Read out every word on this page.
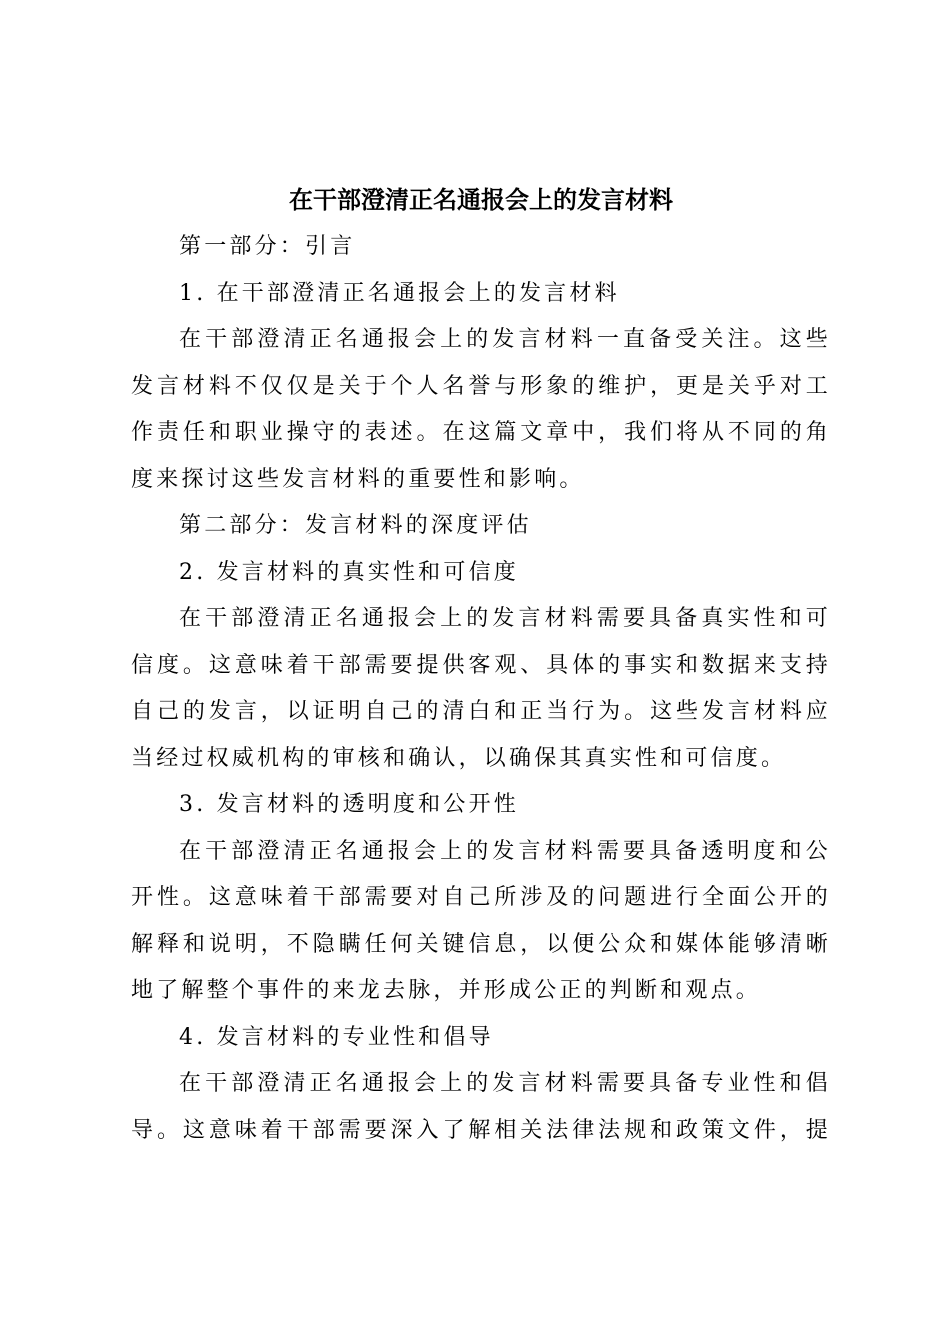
在干部澄清正名通报会上的发言材料

第一部分：引言

1. 在干部澄清正名通报会上的发言材料

在干部澄清正名通报会上的发言材料一直备受关注。这些

发言材料不仅仅是关于个人名誉与形象的维护，更是关乎对工

作责任和职业操守的表述。在这篇文章中，我们将从不同的角

度来探讨这些发言材料的重要性和影响。

第二部分：发言材料的深度评估

2. 发言材料的真实性和可信度

在干部澄清正名通报会上的发言材料需要具备真实性和可

信度。这意味着干部需要提供客观、具体的事实和数据来支持

自己的发言，以证明自己的清白和正当行为。这些发言材料应

当经过权威机构的审核和确认，以确保其真实性和可信度。

3. 发言材料的透明度和公开性

在干部澄清正名通报会上的发言材料需要具备透明度和公

开性。这意味着干部需要对自己所涉及的问题进行全面公开的

解释和说明，不隐瞒任何关键信息，以便公众和媒体能够清晰

地了解整个事件的来龙去脉，并形成公正的判断和观点。

4. 发言材料的专业性和倡导

在干部澄清正名通报会上的发言材料需要具备专业性和倡

导。这意味着干部需要深入了解相关法律法规和政策文件，提
